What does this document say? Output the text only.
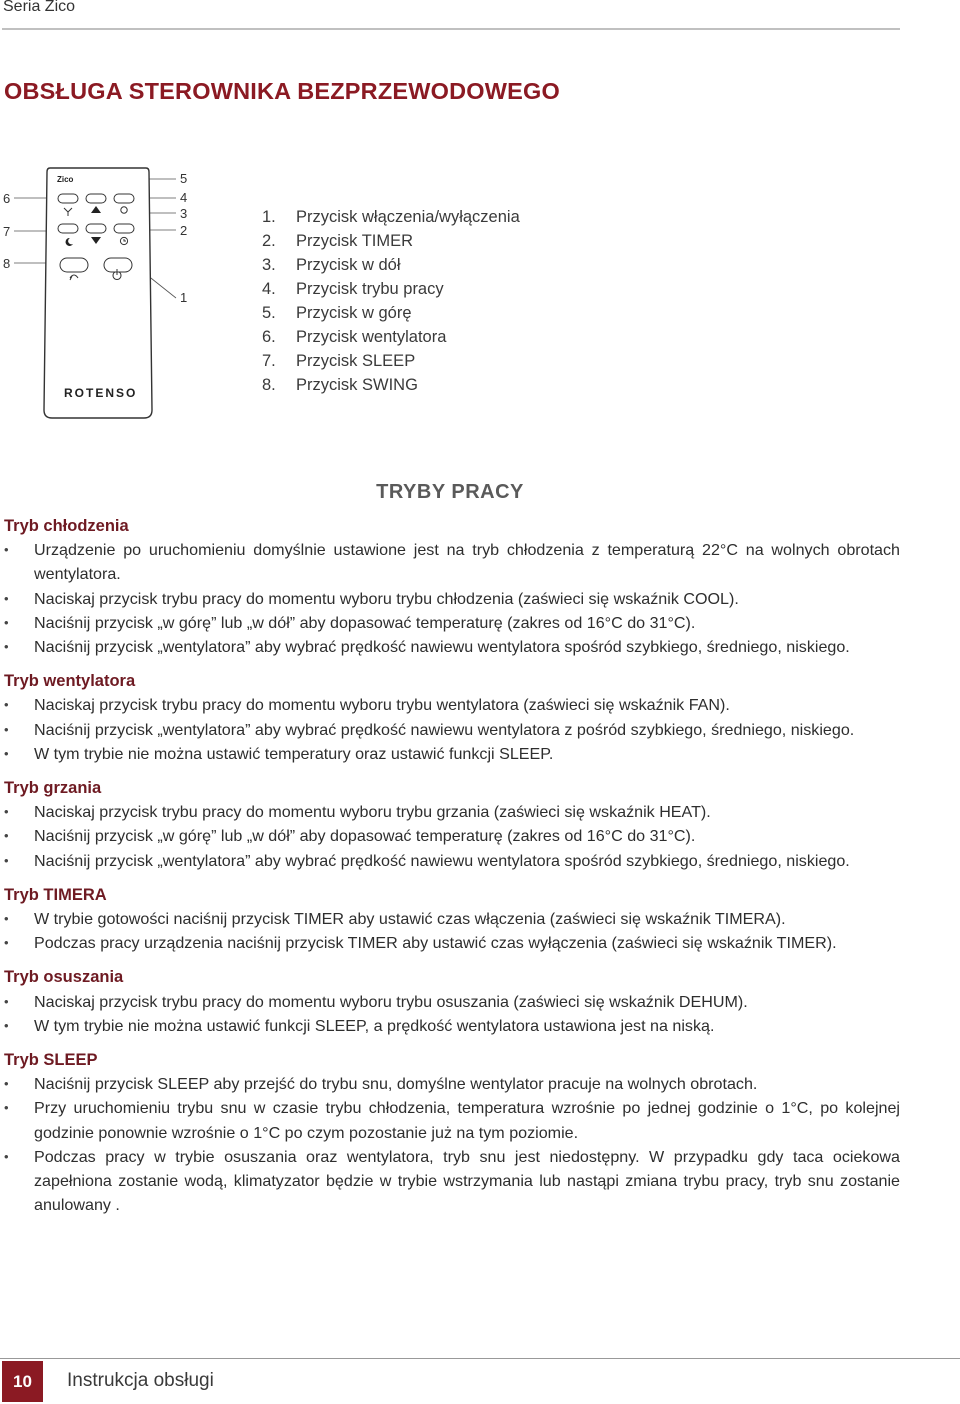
Seria Zico
OBSŁUGA STEROWNIKA BEZPRZEWODOWEGO
6
7
8
5
4
3
2
1
Zico
ROTENSO
1. Przycisk włączenia/wyłączenia
2. Przycisk TIMER
3. Przycisk w dół
4. Przycisk trybu pracy
5. Przycisk w górę
6. Przycisk wentylatora
7. Przycisk SLEEP
8. Przycisk SWING
TRYBY PRACY
Tryb chłodzenia
• Urządzenie po uruchomieniu domyślnie ustawione jest na tryb chłodzenia z temperaturą 22°C na wolnych obrotach wentylatora.
• Naciskaj przycisk trybu pracy do momentu wyboru trybu chłodzenia (zaświeci się wskaźnik COOL).
• Naciśnij przycisk „w górę” lub „w dół” aby dopasować temperaturę (zakres od 16°C do 31°C).
• Naciśnij przycisk „wentylatora” aby wybrać prędkość nawiewu wentylatora spośród szybkiego, średniego, niskiego.
Tryb wentylatora
• Naciskaj przycisk trybu pracy do momentu wyboru trybu wentylatora (zaświeci się wskaźnik FAN).
• Naciśnij przycisk „wentylatora” aby wybrać prędkość nawiewu wentylatora z pośród szybkiego, średniego, niskiego.
• W tym trybie nie można ustawić temperatury oraz ustawić funkcji SLEEP.
Tryb grzania
• Naciskaj przycisk trybu pracy do momentu wyboru trybu grzania (zaświeci się wskaźnik HEAT).
• Naciśnij przycisk „w górę” lub „w dół” aby dopasować temperaturę (zakres od 16°C do 31°C).
• Naciśnij przycisk „wentylatora” aby wybrać prędkość nawiewu wentylatora spośród szybkiego, średniego, niskiego.
Tryb TIMERA
• W trybie gotowości naciśnij przycisk TIMER aby ustawić czas włączenia (zaświeci się wskaźnik TIMERA).
• Podczas pracy urządzenia naciśnij przycisk TIMER aby ustawić czas wyłączenia (zaświeci się wskaźnik TIMER).
Tryb osuszania
• Naciskaj przycisk trybu pracy do momentu wyboru trybu osuszania (zaświeci się wskaźnik DEHUM).
• W tym trybie nie można ustawić funkcji SLEEP, a prędkość wentylatora ustawiona jest na niską.
Tryb SLEEP
• Naciśnij przycisk SLEEP aby przejść do trybu snu, domyślne wentylator pracuje na wolnych obrotach.
• Przy uruchomieniu trybu snu w czasie trybu chłodzenia, temperatura wzrośnie po jednej godzinie o 1°C, po kolejnej godzinie ponownie wzrośnie o 1°C po czym pozostanie już na tym poziomie.
• Podczas pracy w trybie osuszania oraz wentylatora, tryb snu jest niedostępny. W przypadku gdy taca ociekowa zapełniona zostanie wodą, klimatyzator będzie w trybie wstrzymania lub nastąpi zmiana trybu pracy, tryb snu zostanie anulowany .
10	Instrukcja obsługi
